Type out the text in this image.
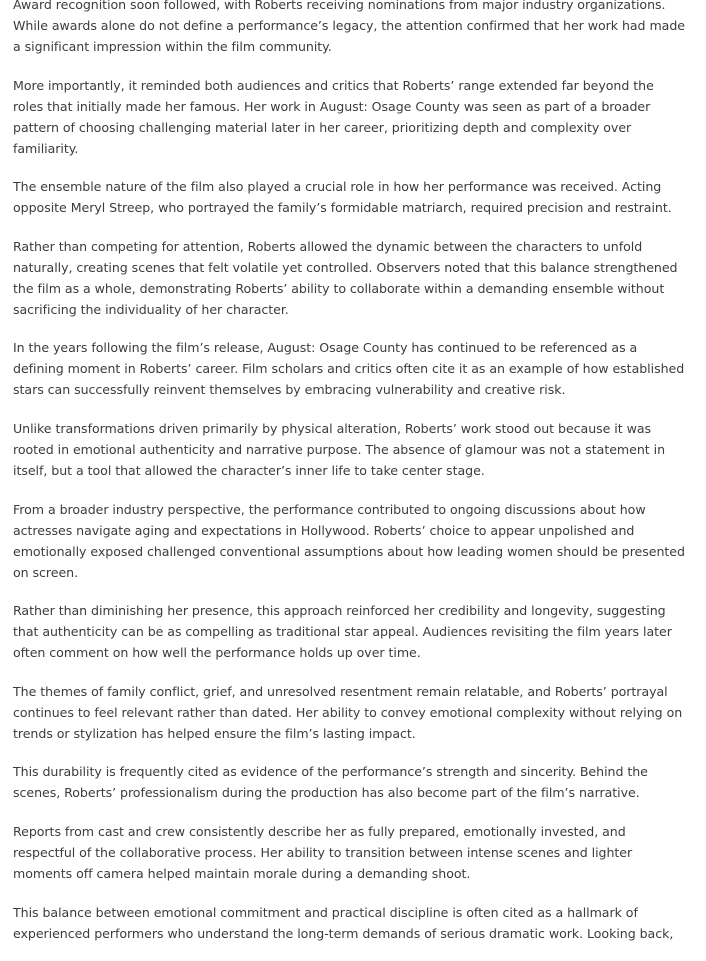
Award recognition soon followed, with Roberts receiving nominations from major industry organizations. While awards alone do not define a performance’s legacy, the attention confirmed that her work had made a significant impression within the film community.

More importantly, it reminded both audiences and critics that Roberts’ range extended far beyond the roles that initially made her famous. Her work in August: Osage County was seen as part of a broader pattern of choosing challenging material later in her career, prioritizing depth and complexity over familiarity.

The ensemble nature of the film also played a crucial role in how her performance was received. Acting opposite Meryl Streep, who portrayed the family’s formidable matriarch, required precision and restraint.

Rather than competing for attention, Roberts allowed the dynamic between the characters to unfold naturally, creating scenes that felt volatile yet controlled. Observers noted that this balance strengthened the film as a whole, demonstrating Roberts’ ability to collaborate within a demanding ensemble without sacrificing the individuality of her character.

In the years following the film’s release, August: Osage County has continued to be referenced as a defining moment in Roberts’ career. Film scholars and critics often cite it as an example of how established stars can successfully reinvent themselves by embracing vulnerability and creative risk.

Unlike transformations driven primarily by physical alteration, Roberts’ work stood out because it was rooted in emotional authenticity and narrative purpose. The absence of glamour was not a statement in itself, but a tool that allowed the character’s inner life to take center stage.

From a broader industry perspective, the performance contributed to ongoing discussions about how actresses navigate aging and expectations in Hollywood. Roberts’ choice to appear unpolished and emotionally exposed challenged conventional assumptions about how leading women should be presented on screen.

Rather than diminishing her presence, this approach reinforced her credibility and longevity, suggesting that authenticity can be as compelling as traditional star appeal. Audiences revisiting the film years later often comment on how well the performance holds up over time.

The themes of family conflict, grief, and unresolved resentment remain relatable, and Roberts’ portrayal continues to feel relevant rather than dated. Her ability to convey emotional complexity without relying on trends or stylization has helped ensure the film’s lasting impact.

This durability is frequently cited as evidence of the performance’s strength and sincerity. Behind the scenes, Roberts’ professionalism during the production has also become part of the film’s narrative.

Reports from cast and crew consistently describe her as fully prepared, emotionally invested, and respectful of the collaborative process. Her ability to transition between intense scenes and lighter moments off camera helped maintain morale during a demanding shoot.

This balance between emotional commitment and practical discipline is often cited as a hallmark of experienced performers who understand the long-term demands of serious dramatic work. Looking back,
